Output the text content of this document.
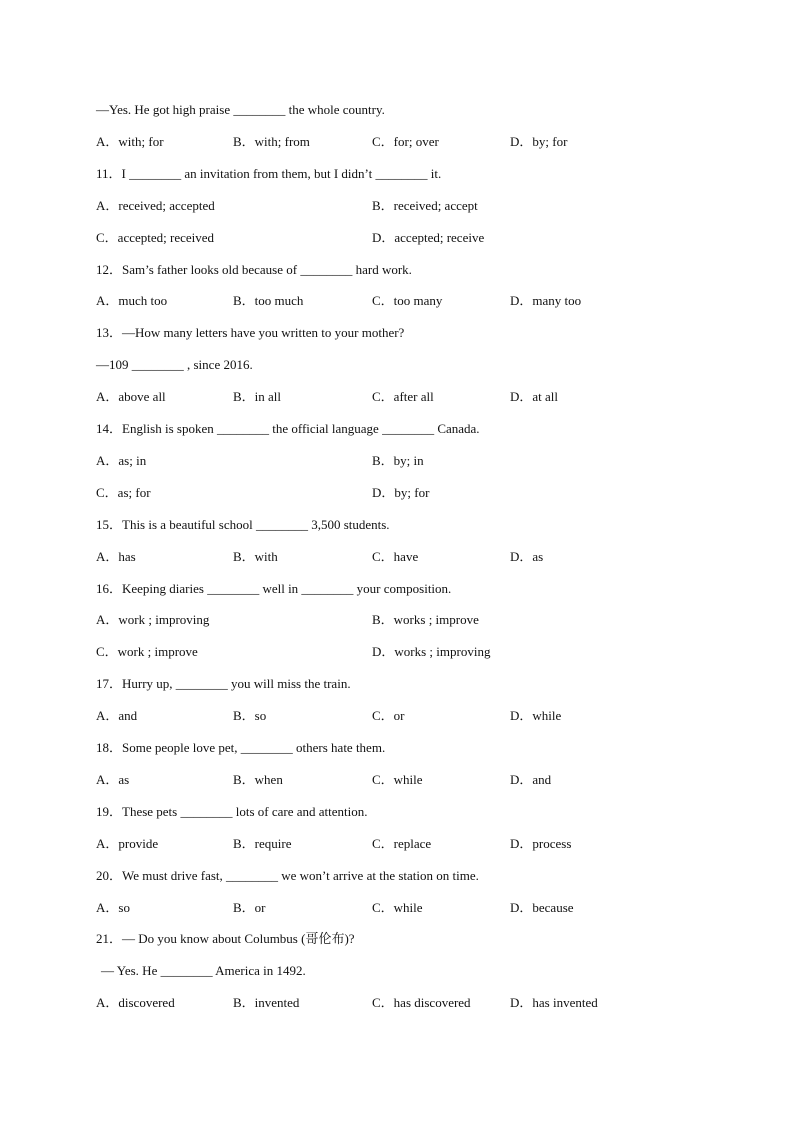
—Yes. He got high praise ________ the whole country.
A．with; for	B．with; from	C．for; over	D．by; for
11．I ________ an invitation from them, but I didn’t ________ it.
A．received; accepted	B．received; accept
C．accepted; received	D．accepted; receive
12．Sam’s father looks old because of ________ hard work.
A．much too	B．too much	C．too many	D．many too
13．—How many letters have you written to your mother?
—109 ________ , since 2016.
A．above all	B．in all	C．after all	D．at all
14．English is spoken ________ the official language ________ Canada.
A．as; in	B．by; in
C．as; for	D．by; for
15．This is a beautiful school ________ 3,500 students.
A．has	B．with	C．have	D．as
16．Keeping diaries ________ well in ________ your composition.
A．work ; improving	B．works ; improve
C．work ; improve	D．works ; improving
17．Hurry up, ________ you will miss the train.
A．and	B．so	C．or	D．while
18．Some people love pet, ________ others hate them.
A．as	B．when	C．while	D．and
19．These pets ________ lots of care and attention.
A．provide	B．require	C．replace	D．process
20．We must drive fast, ________ we won’t arrive at the station on time.
A．so	B．or	C．while	D．because
21．— Do you know about Columbus (哥伦布)?
— Yes. He ________ America in 1492.
A．discovered	B．invented	C．has discovered	D．has invented
